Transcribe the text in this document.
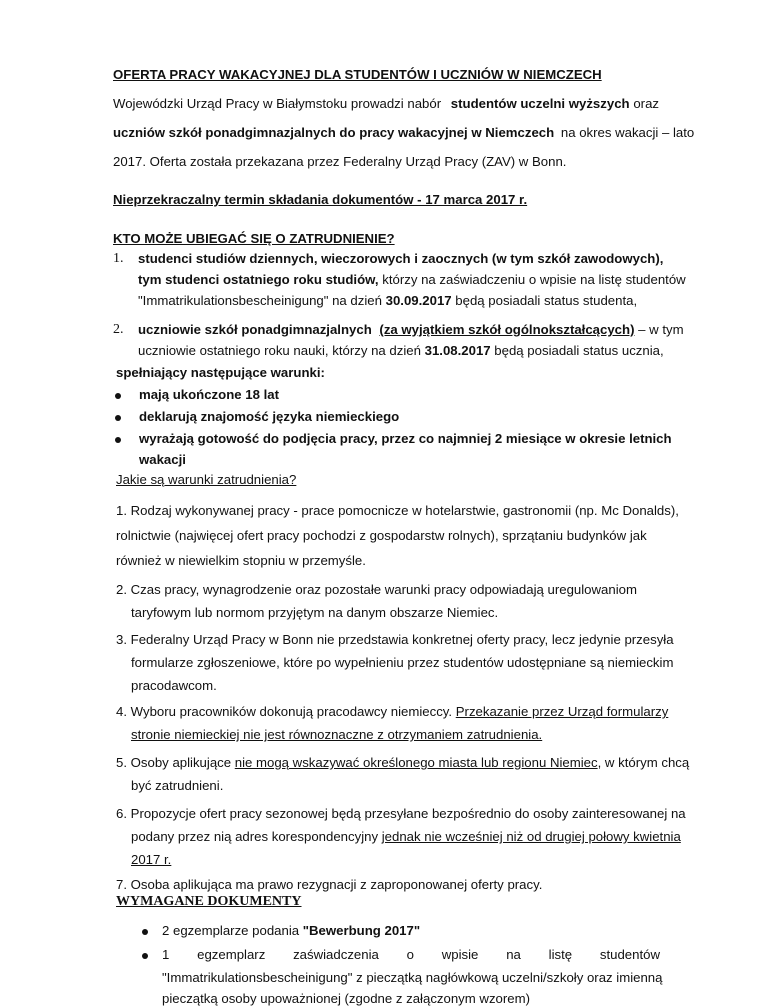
OFERTA PRACY WAKACYJNEJ DLA STUDENTÓW I UCZNIÓW W NIEMCZECH
Wojewódzki Urząd Pracy w Białymstoku prowadzi nabór studentów uczelni wyższych oraz
uczniów szkół ponadgimnazjalnych do pracy wakacyjnej w Niemczech na okres wakacji – lato
2017. Oferta została przekazana przez Federalny Urząd Pracy (ZAV) w Bonn.
Nieprzekraczalny termin składania dokumentów - 17 marca 2017 r.
KTO MOŻE UBIEGAĆ SIĘ O ZATRUDNIENIE?
1. studenci studiów dziennych, wieczorowych i zaocznych (w tym szkół zawodowych),
tym studenci ostatniego roku studiów, którzy na zaświadczeniu o wpisie na listę studentów
"Immatrikulationsbescheinigung" na dzień 30.09.2017 będą posiadali status studenta,
2. uczniowie szkół ponadgimnazjalnych (za wyjątkiem szkół ogólnokształcących) – w tym
uczniowie ostatniego roku nauki, którzy na dzień 31.08.2017 będą posiadali status ucznia,
spełniający następujące warunki:
mają ukończone 18 lat
deklarują znajomość języka niemieckiego
wyrażają gotowość do podjęcia pracy, przez co najmniej 2 miesiące w okresie letnich
wakacji
Jakie są warunki zatrudnienia?
1. Rodzaj wykonywanej pracy - prace pomocnicze w hotelarstwie, gastronomii (np. Mc Donalds),
rolnictwie (najwięcej ofert pracy pochodzi z gospodarstw rolnych), sprzątaniu budynków jak
również w niewielkim stopniu w przemyśle.
2. Czas pracy, wynagrodzenie oraz pozostałe warunki pracy odpowiadają uregulowaniom
taryfowym lub normom przyjętym na danym obszarze Niemiec.
3. Federalny Urząd Pracy w Bonn nie przedstawia konkretnej oferty pracy, lecz jedynie przesyła
formularze zgłoszeniowe, które po wypełnieniu przez studentów udostępniane są niemieckim
pracodawcom.
4. Wyboru pracowników dokonują pracodawcy niemieccy. Przekazanie przez Urząd formularzy
stronie niemieckiej nie jest równoznaczne z otrzymaniem zatrudnienia.
5. Osoby aplikujące nie mogą wskazywać określonego miasta lub regionu Niemiec, w którym chcą
być zatrudnieni.
6. Propozycje ofert pracy sezonowej będą przesyłane bezpośrednio do osoby zainteresowanej na
podany przez nią adres korespondencyjny jednak nie wcześniej niż od drugiej połowy kwietnia
2017 r.
7. Osoba aplikująca ma prawo rezygnacji z zaproponowanej oferty pracy.
WYMAGANE DOKUMENTY
2 egzemplarze podania "Bewerbung 2017"
1 egzemplarz zaświadczenia o wpisie na listę studentów
"Immatrikulationsbescheinigung" z pieczątką nagłówkową uczelni/szkoły oraz imienną
pieczątką osoby upoważnionej (zgodne z załączonym wzorem)
